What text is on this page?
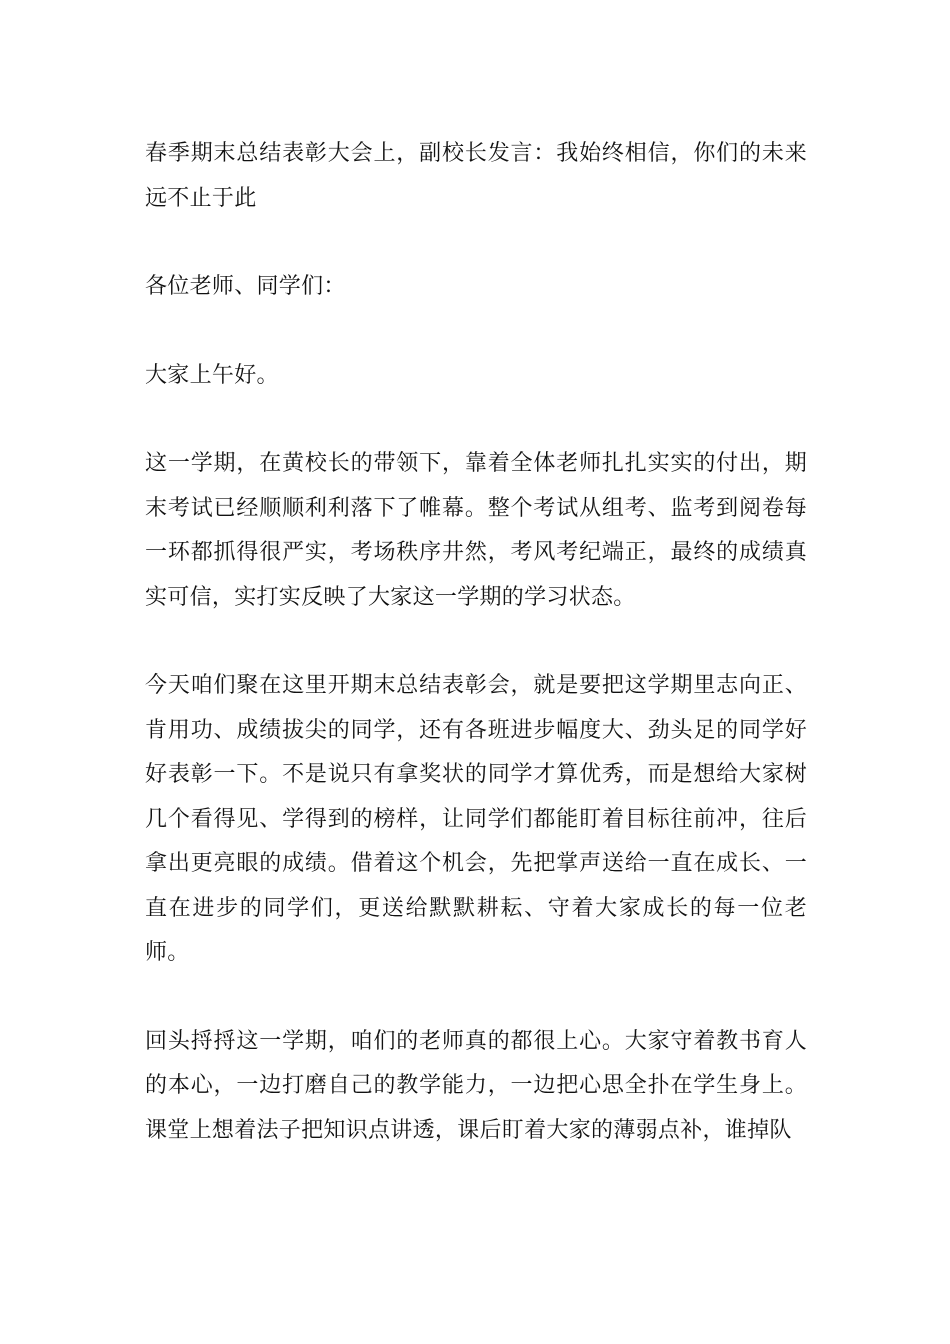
春季期末总结表彰大会上，副校长发言：我始终相信，你们的未来远不止于此

各位老师、同学们：

大家上午好。

这一学期，在黄校长的带领下，靠着全体老师扎扎实实的付出，期末考试已经顺顺利利落下了帷幕。整个考试从组考、监考到阅卷每一环都抓得很严实，考场秩序井然，考风考纪端正，最终的成绩真实可信，实打实反映了大家这一学期的学习状态。

今天咱们聚在这里开期末总结表彰会，就是要把这学期里志向正、肯用功、成绩拔尖的同学，还有各班进步幅度大、劲头足的同学好好表彰一下。不是说只有拿奖状的同学才算优秀，而是想给大家树几个看得见、学得到的榜样，让同学们都能盯着目标往前冲，往后拿出更亮眼的成绩。借着这个机会，先把掌声送给一直在成长、一直在进步的同学们，更送给默默耕耘、守着大家成长的每一位老师。

回头捋捋这一学期，咱们的老师真的都很上心。大家守着教书育人的本心，一边打磨自己的教学能力，一边把心思全扑在学生身上。课堂上想着法子把知识点讲透，课后盯着大家的薄弱点补，谁掉队
